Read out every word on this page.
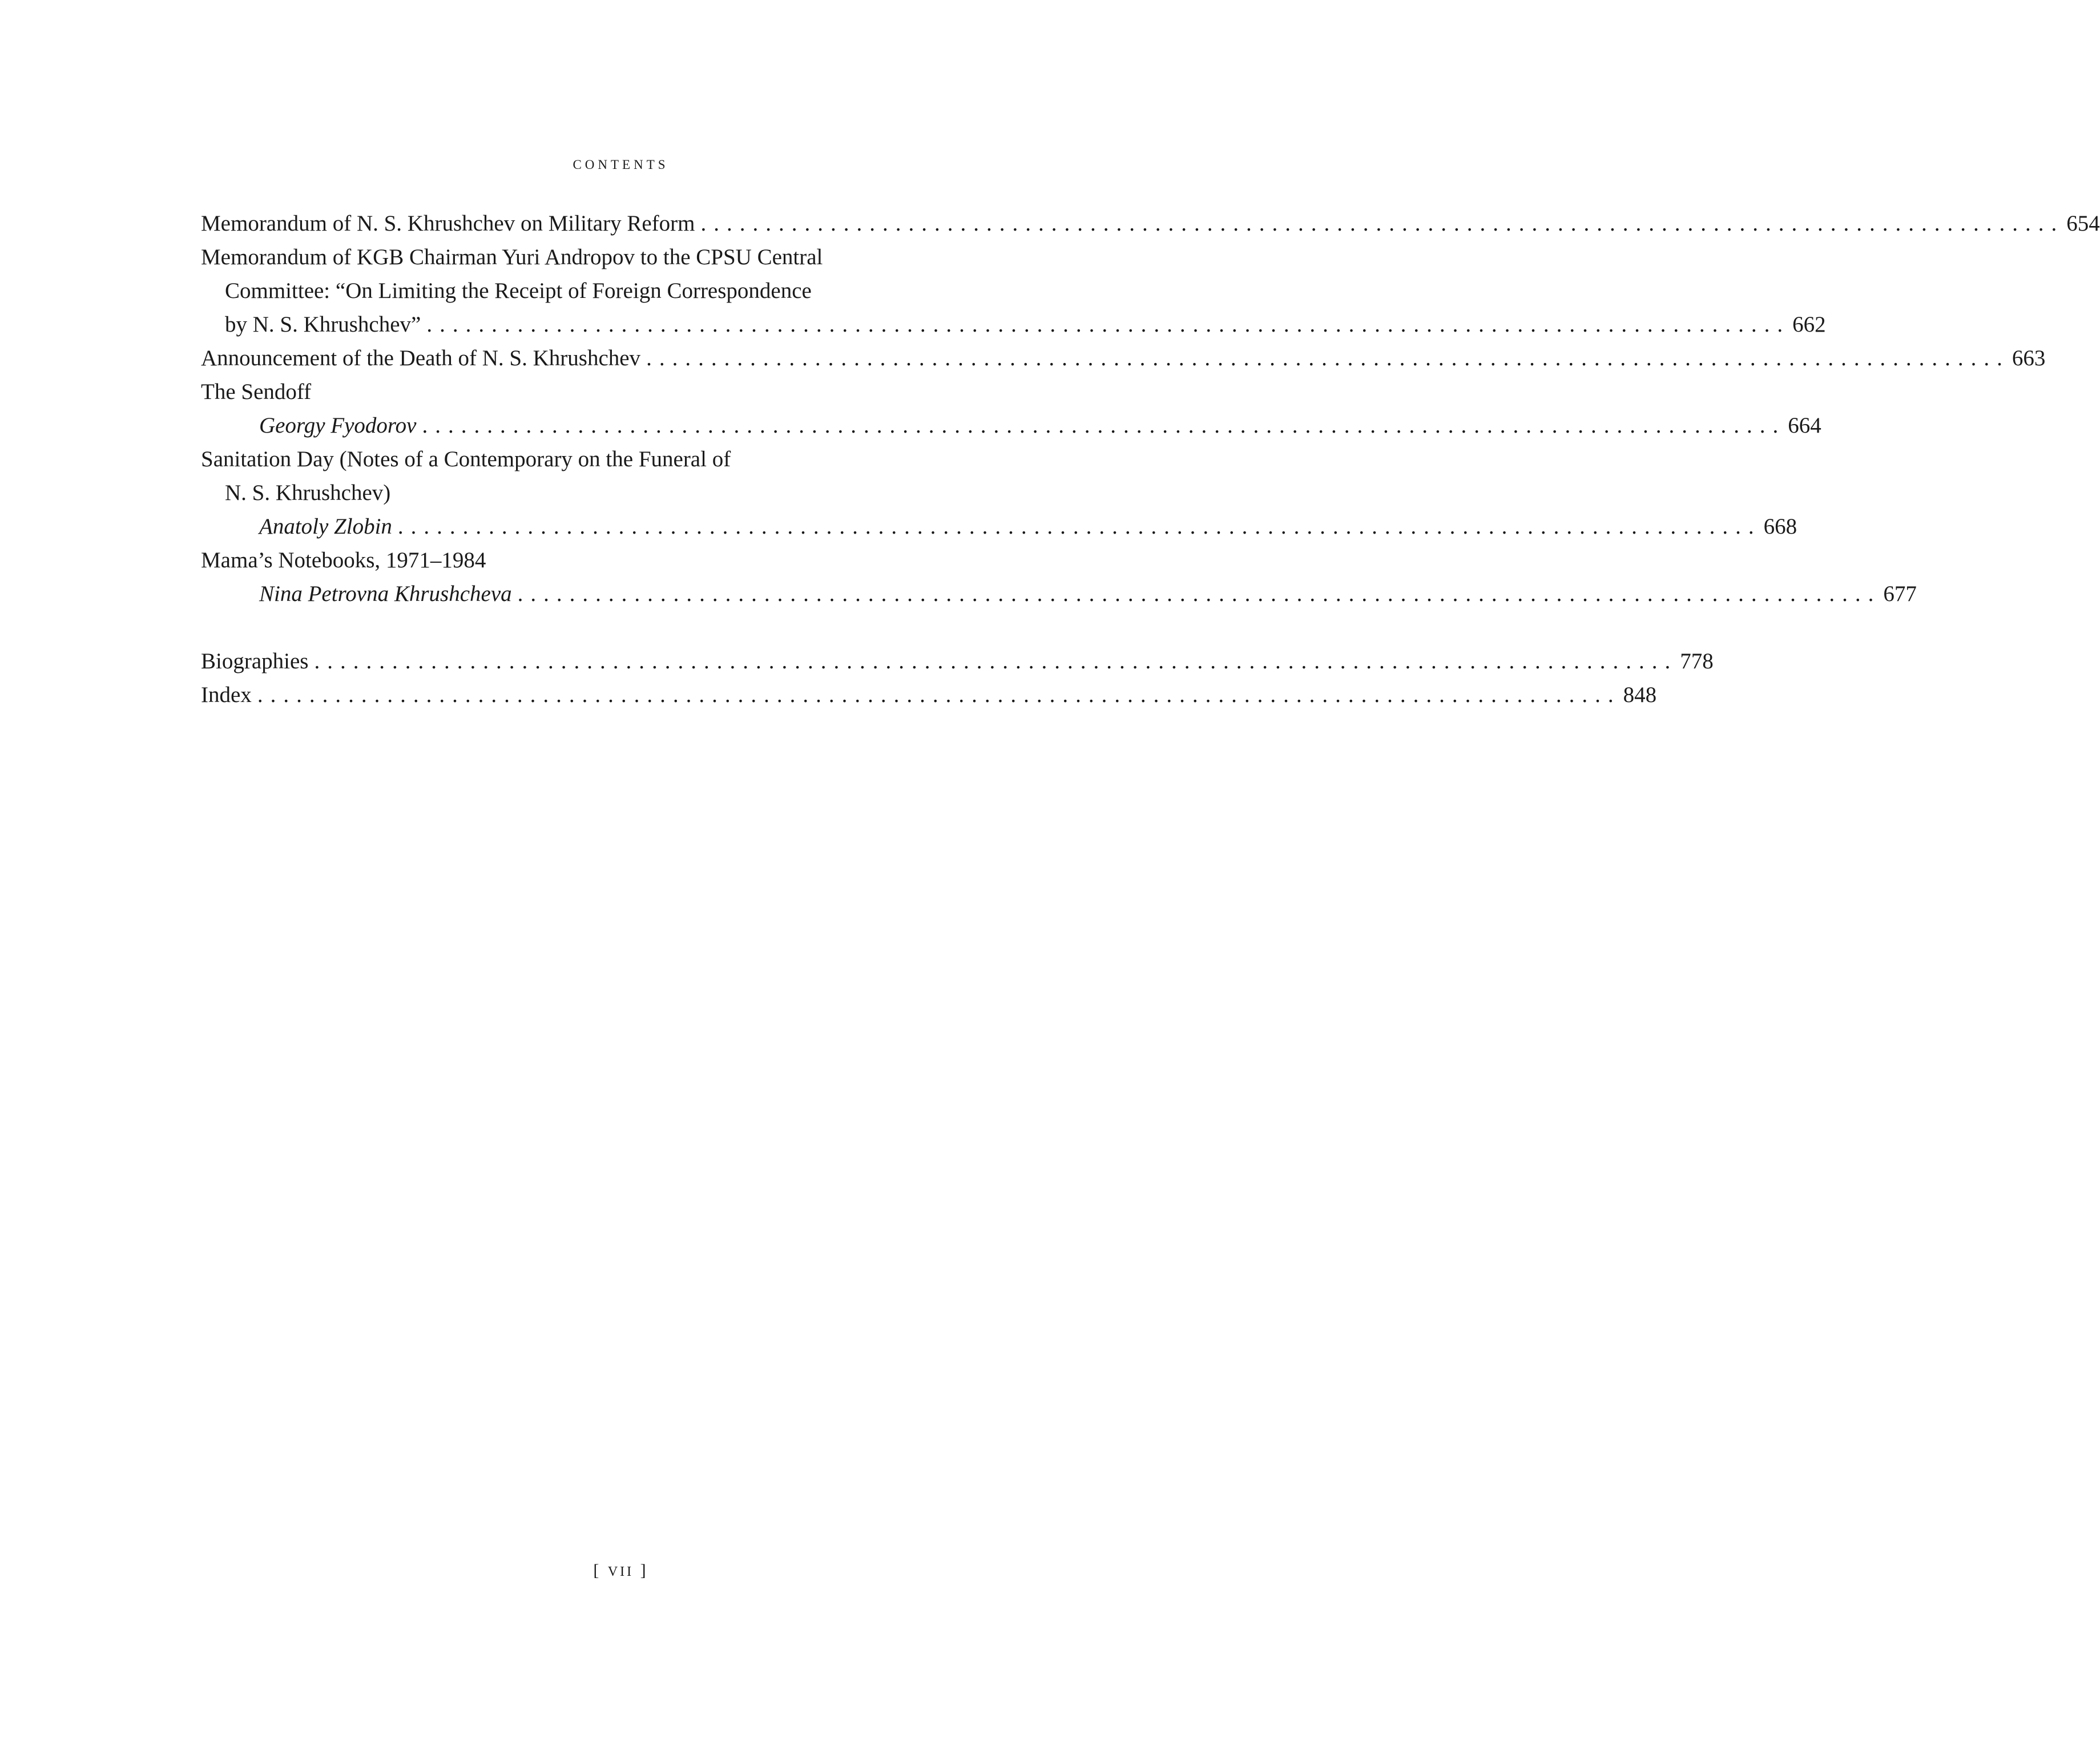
CONTENTS
Memorandum of N. S. Khrushchev on Military Reform ......................................................................................................... 654
Memorandum of KGB Chairman Yuri Andropov to the CPSU Central
Committee: “On Limiting the Receipt of Foreign Correspondence
by N. S. Khrushchev” ......................................................................................................... 662
Announcement of the Death of N. S. Khrushchev ......................................................................................................... 663
The Sendoff
Georgy Fyodorov ......................................................................................................... 664
Sanitation Day (Notes of a Contemporary on the Funeral of
N. S. Khrushchev)
Anatoly Zlobin ......................................................................................................... 668
Mama’s Notebooks, 1971–1984
Nina Petrovna Khrushcheva ......................................................................................................... 677
Biographies ......................................................................................................... 778
Index ......................................................................................................... 848
[ VII ]
